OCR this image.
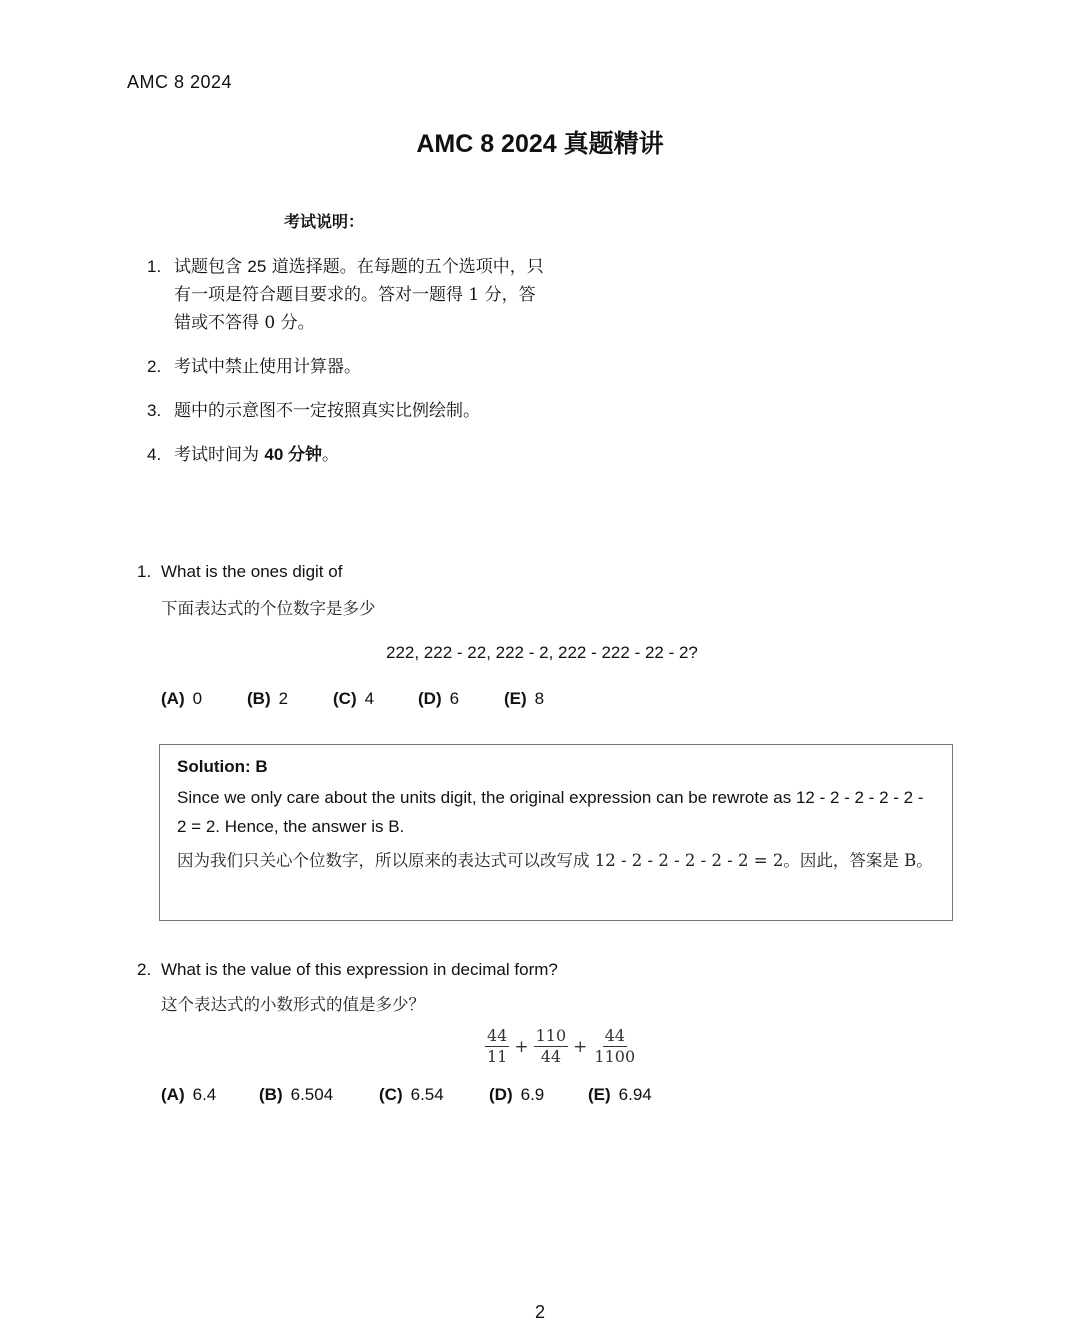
AMC 8 2024
AMC 8 2024 真题精讲
考试说明：
1. 试题包含 25 道选择题。在每题的五个选项中，只有一项是符合题目要求的。答对一题得 1 分，答错或不答得 0 分。
2. 考试中禁止使用计算器。
3. 题中的示意图不一定按照真实比例绘制。
4. 考试时间为 40 分钟。
1. What is the ones digit of
下面表达式的个位数字是多少
222, 222 - 22, 222 - 2, 222 - 222 - 22 - 2?
(A) 0	(B) 2	(C) 4	(D) 6	(E) 8
Solution: B
Since we only care about the units digit, the original expression can be rewrote as 12 - 2 - 2 - 2 - 2 - 2 = 2. Hence, the answer is B.
因为我们只关心个位数字，所以原来的表达式可以改写成 12 - 2 - 2 - 2 - 2 - 2 = 2。因此，答案是 B。
2. What is the value of this expression in decimal form?
这个表达式的小数形式的值是多少？
$\frac{44}{11} + \frac{110}{44} + \frac{44}{1100}$
(A) 6.4	(B) 6.504	(C) 6.54	(D) 6.9	(E) 6.94
2
